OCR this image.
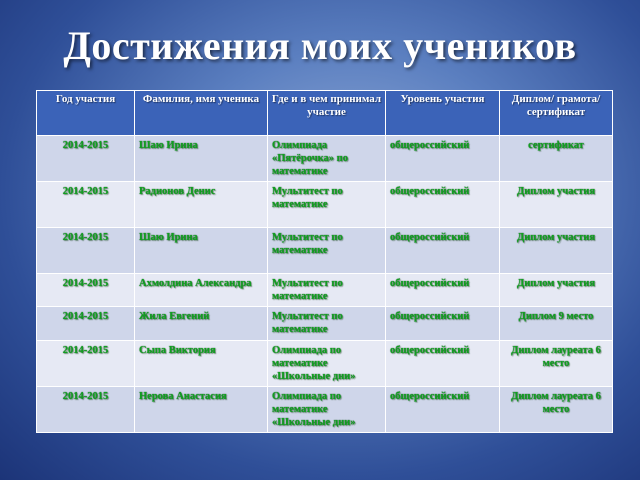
Достижения моих учеников
Год участия	Фамилия, имя ученика	Где и в чем принимал участие	Уровень участия	Диплом/ грамота/ сертификат
2014-2015	Шаю Ирина	Олимпиада «Пятёрочка» по математике	общероссийский	сертификат
2014-2015	Радионов Денис	Мультитест по математике	общероссийский	Диплом участия
2014-2015	Шаю Ирина	Мультитест по математике	общероссийский	Диплом участия
2014-2015	Ахмолдина Александра	Мультитест по математике	общероссийский	Диплом участия
2014-2015	Жила Евгений	Мультитест по математике	общероссийский	Диплом 9 место
2014-2015	Сыпа Виктория	Олимпиада по математике «Школьные дни»	общероссийский	Диплом лауреата 6 место
2014-2015	Нерова Анастасия	Олимпиада по математике «Школьные дни»	общероссийский	Диплом лауреата 6 место
